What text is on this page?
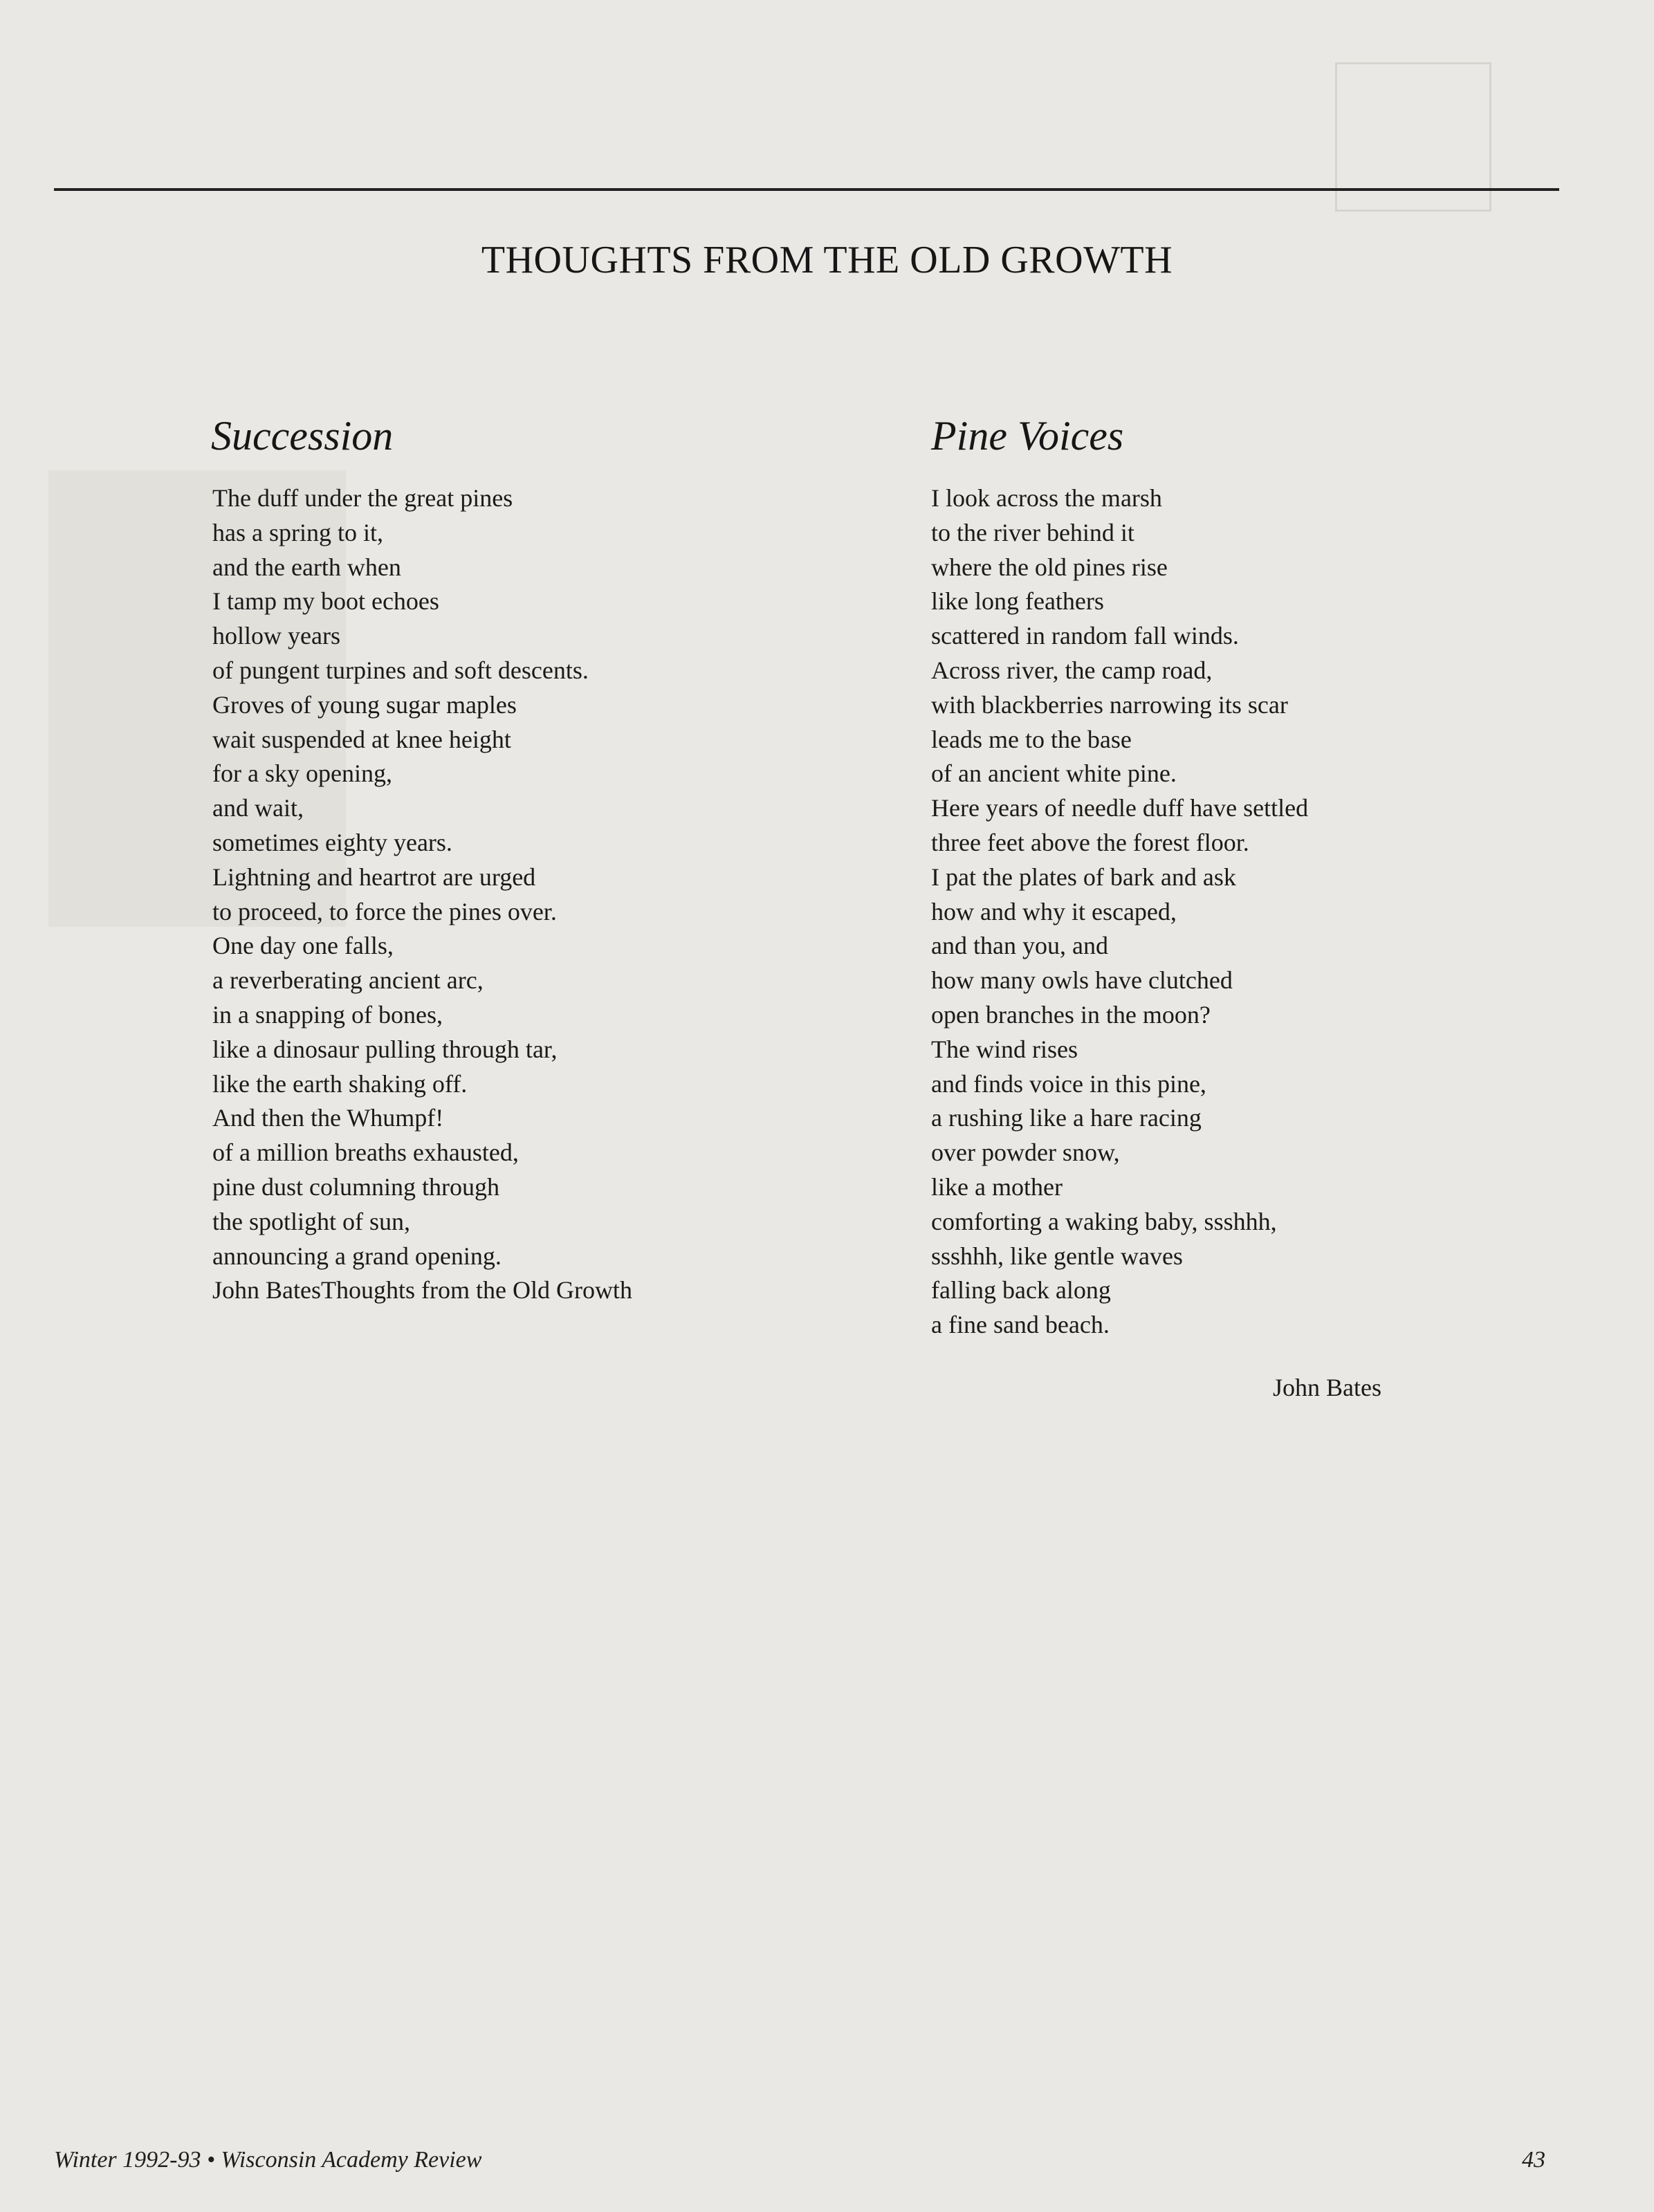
THOUGHTS FROM THE OLD GROWTH
Succession
The duff under the great pines
has a spring to it,
and the earth when
I tamp my boot echoes
hollow years
of pungent turpines and soft descents.
Groves of young sugar maples
wait suspended at knee height
for a sky opening,
and wait,
sometimes eighty years.
Lightning and heartrot are urged
to proceed, to force the pines over.
One day one falls,
a reverberating ancient arc,
in a snapping of bones,
like a dinosaur pulling through tar,
like the earth shaking off.
And then the Whumpf!
of a million breaths exhausted,
pine dust columning through
the spotlight of sun,
announcing a grand opening.
John BatesThoughts from the Old Growth
Pine Voices
I look across the marsh
to the river behind it
where the old pines rise
like long feathers
scattered in random fall winds.
Across river, the camp road,
with blackberries narrowing its scar
leads me to the base
of an ancient white pine.
Here years of needle duff have settled
three feet above the forest floor.
I pat the plates of bark and ask
how and why it escaped,
and than you, and
how many owls have clutched
open branches in the moon?
The wind rises
and finds voice in this pine,
a rushing like a hare racing
over powder snow,
like a mother
comforting a waking baby, ssshhh,
ssshhh, like gentle waves
falling back along
a fine sand beach.
John Bates
Winter 1992-93 • Wisconsin Academy Review	43
